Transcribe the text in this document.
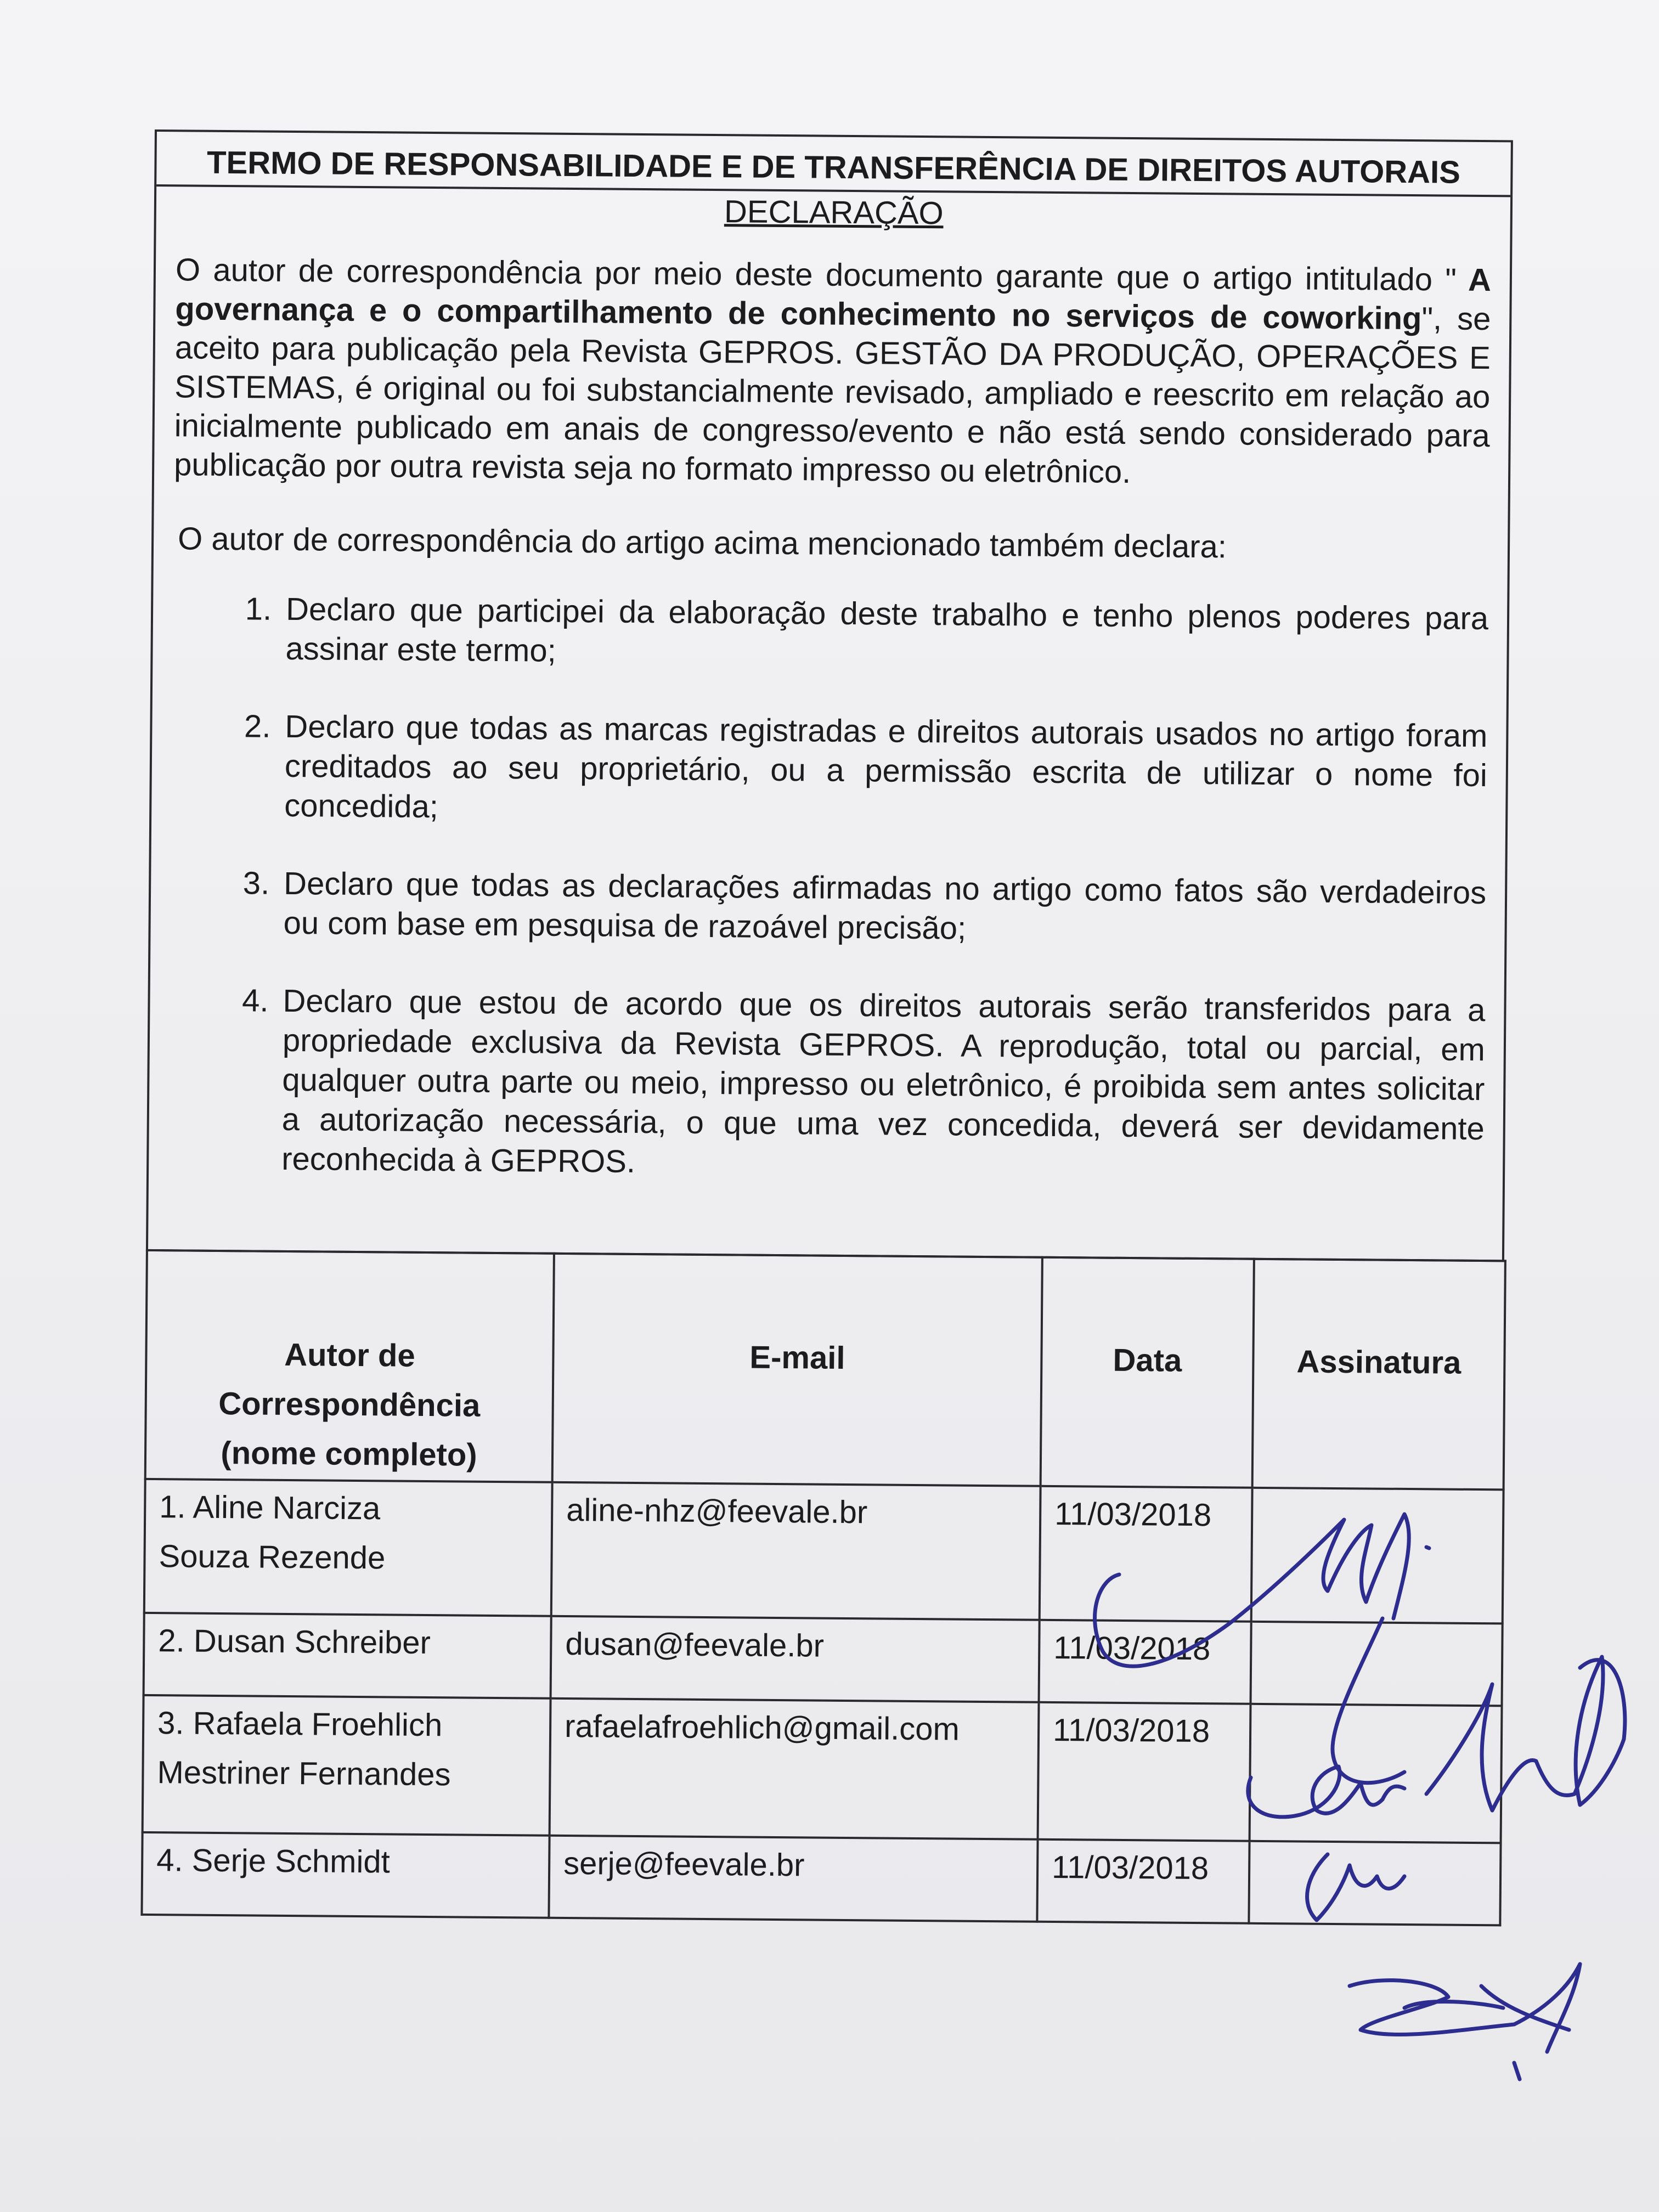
TERMO DE RESPONSABILIDADE E DE TRANSFERÊNCIA DE DIREITOS AUTORAIS
DECLARAÇÃO
O autor de correspondência por meio deste documento garante que o artigo intitulado " A governança e o compartilhamento de conhecimento no serviços de coworking", se aceito para publicação pela Revista GEPROS. GESTÃO DA PRODUÇÃO, OPERAÇÕES E SISTEMAS, é original ou foi substancialmente revisado, ampliado e reescrito em relação ao inicialmente publicado em anais de congresso/evento e não está sendo considerado para publicação por outra revista seja no formato impresso ou eletrônico.
O autor de correspondência do artigo acima mencionado também declara:
1. Declaro que participei da elaboração deste trabalho e tenho plenos poderes para assinar este termo;
2. Declaro que todas as marcas registradas e direitos autorais usados no artigo foram creditados ao seu proprietário, ou a permissão escrita de utilizar o nome foi concedida;
3. Declaro que todas as declarações afirmadas no artigo como fatos são verdadeiros ou com base em pesquisa de razoável precisão;
4. Declaro que estou de acordo que os direitos autorais serão transferidos para a propriedade exclusiva da Revista GEPROS. A reprodução, total ou parcial, em qualquer outra parte ou meio, impresso ou eletrônico, é proibida sem antes solicitar a autorização necessária, o que uma vez concedida, deverá ser devidamente reconhecida à GEPROS.
Autor de
Correspondência
(nome completo)	E-mail	Data	Assinatura

1. Aline Narciza
Souza Rezende	aline-nhz@feevale.br	11/03/2018	

2. Dusan Schreiber	dusan@feevale.br	11/03/2018	

3. Rafaela Froehlich
Mestriner Fernandes	rafaelafroehlich@gmail.com	11/03/2018	

4. Serje Schmidt	serje@feevale.br	11/03/2018	
